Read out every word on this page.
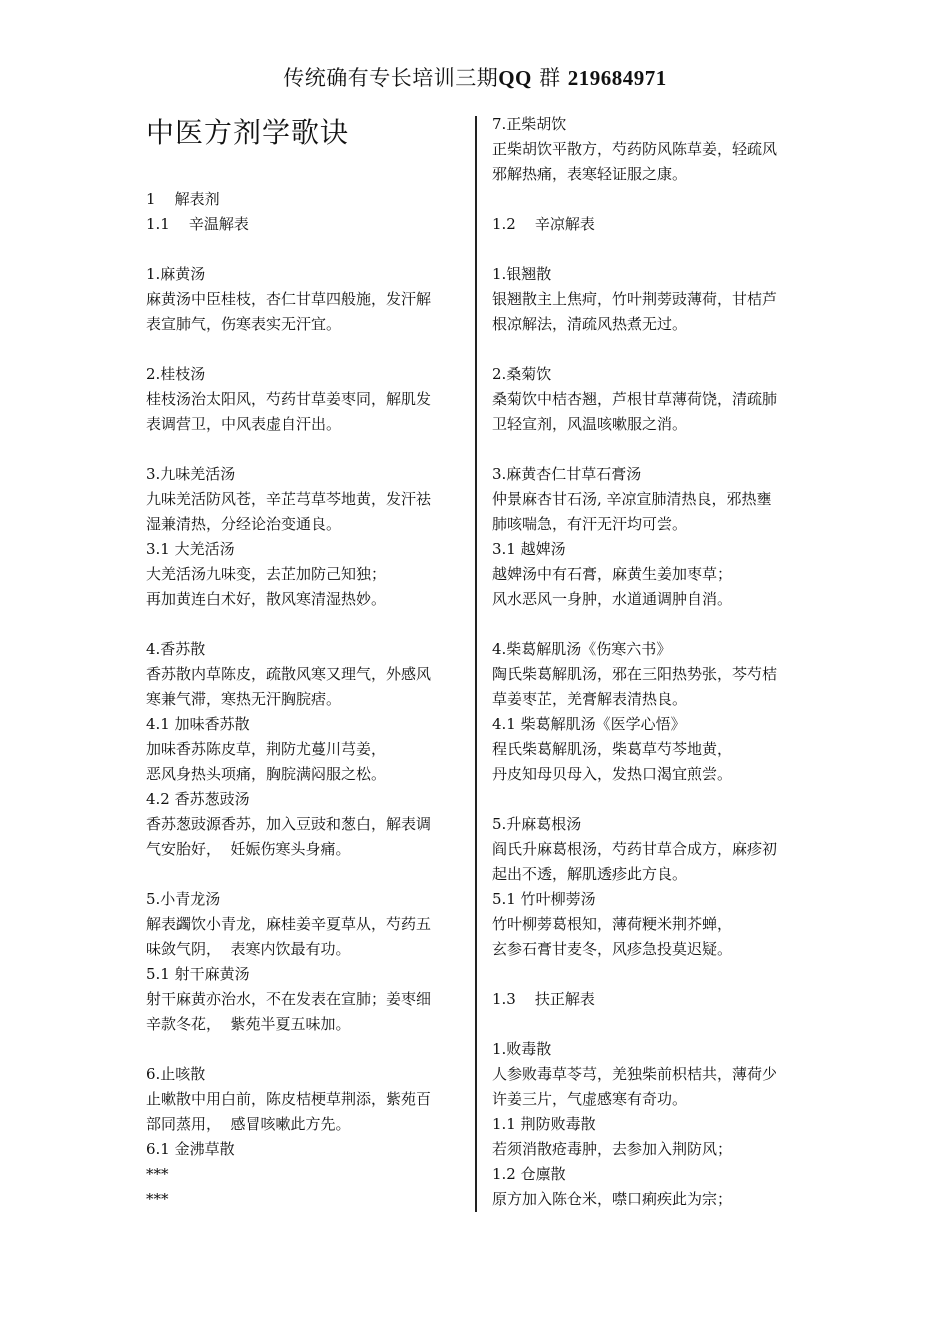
传统确有专长培训三期QQ 群 219684971
中医方剂学歌诀
1    解表剂
1.1    辛温解表
1.麻黄汤
麻黄汤中臣桂枝，杏仁甘草四般施，发汗解
表宣肺气，伤寒表实无汗宜。
2.桂枝汤
桂枝汤治太阳风，芍药甘草姜枣同，解肌发
表调营卫，中风表虚自汗出。
3.九味羌活汤
九味羌活防风苍，辛芷芎草芩地黄，发汗祛
湿兼清热，分经论治变通良。
3.1 大羌活汤
大羌活汤九味变，去芷加防己知独；
再加黄连白术好，散风寒清湿热妙。
4.香苏散
香苏散内草陈皮，疏散风寒又理气，外感风
寒兼气滞，寒热无汗胸脘痞。
4.1 加味香苏散
加味香苏陈皮草，荆防尤蔓川芎姜，
恶风身热头项痛，胸脘满闷服之松。
4.2 香苏葱豉汤
香苏葱豉源香苏，加入豆豉和葱白，解表调
气安胎好，  妊娠伤寒头身痛。
5.小青龙汤
解表蠲饮小青龙，麻桂姜辛夏草从，芍药五
味敛气阴，  表寒内饮最有功。
5.1 射干麻黄汤
射干麻黄亦治水，不在发表在宣肺；姜枣细
辛款冬花，  紫苑半夏五味加。
6.止咳散
止嗽散中用白前，陈皮桔梗草荆添，紫苑百
部同蒸用，  感冒咳嗽此方先。
6.1 金沸草散
***
***
7.正柴胡饮
正柴胡饮平散方，芍药防风陈草姜，轻疏风
邪解热痛，表寒轻证服之康。
1.2    辛凉解表
1.银翘散
银翘散主上焦疴，竹叶荆蒡豉薄荷，甘桔芦
根凉解法，清疏风热煮无过。
2.桑菊饮
桑菊饮中桔杏翘，芦根甘草薄荷饶，清疏肺
卫轻宣剂，风温咳嗽服之消。
3.麻黄杏仁甘草石膏汤
仲景麻杏甘石汤, 辛凉宣肺清热良，邪热壅
肺咳喘急，有汗无汗均可尝。
3.1 越婢汤
越婢汤中有石膏，麻黄生姜加枣草；
风水恶风一身肿，水道通调肿自消。
4.柴葛解肌汤《伤寒六书》
陶氏柴葛解肌汤，邪在三阳热势张，芩芍桔
草姜枣芷，羌膏解表清热良。
4.1 柴葛解肌汤《医学心悟》
程氏柴葛解肌汤，柴葛草芍芩地黄，
丹皮知母贝母入，发热口渴宜煎尝。
5.升麻葛根汤
阎氏升麻葛根汤，芍药甘草合成方，麻疹初
起出不透，解肌透疹此方良。
5.1 竹叶柳蒡汤
竹叶柳蒡葛根知，薄荷粳米荆芥蝉，
玄参石膏甘麦冬，风疹急投莫迟疑。
1.3    扶正解表
1.败毒散
人参败毒草苓芎，羌独柴前枳桔共，薄荷少
许姜三片，气虚感寒有奇功。
1.1 荆防败毒散
若须消散疮毒肿，去参加入荆防风；
1.2 仓廪散
原方加入陈仓米，噤口痢疾此为宗；
